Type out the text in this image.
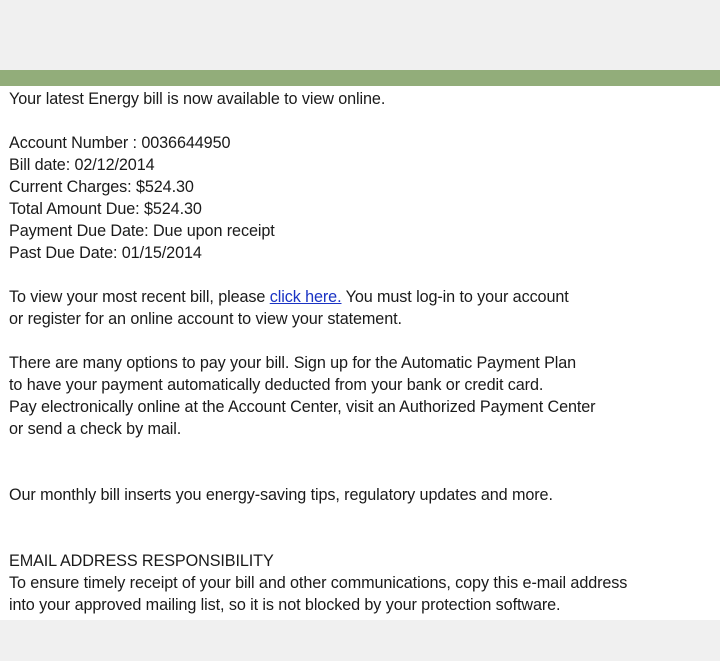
Your latest Energy bill is now available to view online.
Account Number : 0036644950
Bill date: 02/12/2014
Current Charges: $524.30
Total Amount Due: $524.30
Payment Due Date: Due upon receipt
Past Due Date: 01/15/2014
To view your most recent bill, please click here. You must log-in to your account
or register for an online account to view your statement.
There are many options to pay your bill. Sign up for the Automatic Payment Plan
to have your payment automatically deducted from your bank or credit card.
Pay electronically online at the Account Center, visit an Authorized Payment Center
or send a check by mail.
Our monthly bill inserts you energy-saving tips, regulatory updates and more.
EMAIL ADDRESS RESPONSIBILITY
To ensure timely receipt of your bill and other communications, copy this e-mail address
into your approved mailing list, so it is not blocked by your protection software.
